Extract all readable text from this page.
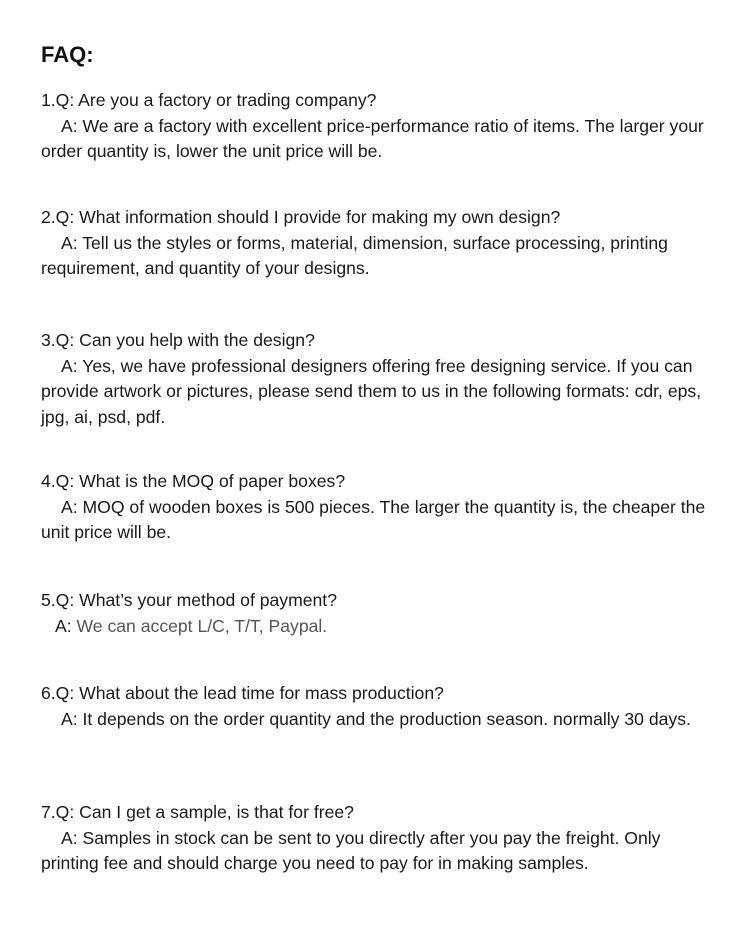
FAQ:
1.Q: Are you a factory or trading company?
A: We are a factory with excellent price-performance ratio of items. The larger your order quantity is, lower the unit price will be.
2.Q: What information should I provide for making my own design?
A: Tell us the styles or forms, material, dimension, surface processing, printing requirement, and quantity of your designs.
3.Q: Can you help with the design?
A: Yes, we have professional designers offering free designing service. If you can provide artwork or pictures, please send them to us in the following formats: cdr, eps, jpg, ai, psd, pdf.
4.Q: What is the MOQ of paper boxes?
A: MOQ of wooden boxes is 500 pieces. The larger the quantity is, the cheaper the unit price will be.
5.Q: What’s your method of payment?
A: We can accept L/C, T/T, Paypal.
6.Q: What about the lead time for mass production?
A: It depends on the order quantity and the production season. normally 30 days.
7.Q: Can I get a sample, is that for free?
A: Samples in stock can be sent to you directly after you pay the freight. Only printing fee and should charge you need to pay for in making samples.
